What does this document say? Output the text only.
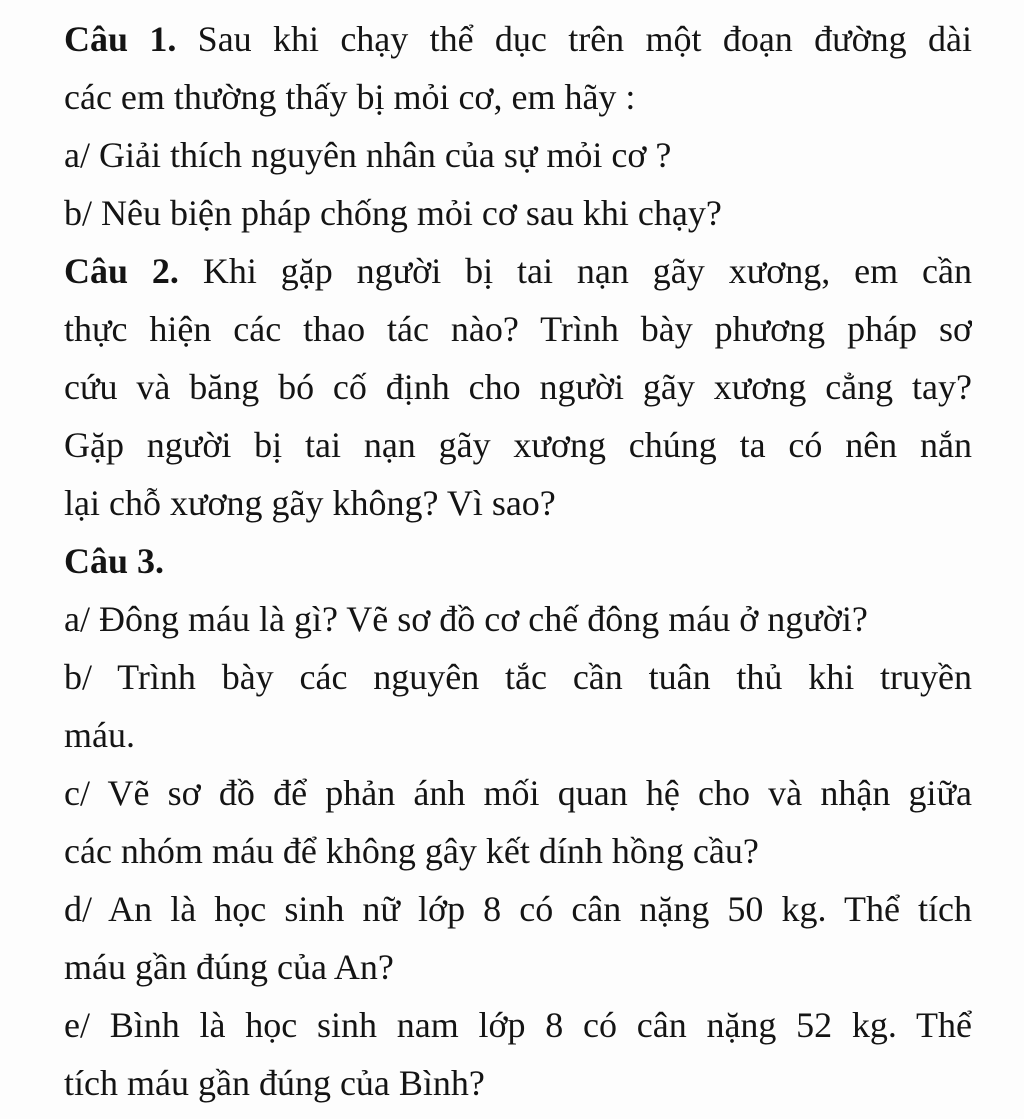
Câu 1. Sau khi chạy thể dục trên một đoạn đường dài
các em thường thấy bị mỏi cơ, em hãy :
a/ Giải thích nguyên nhân của sự mỏi cơ ?
b/ Nêu biện pháp chống mỏi cơ sau khi chạy?
Câu 2. Khi gặp người bị tai nạn gãy xương, em cần
thực hiện các thao tác nào? Trình bày phương pháp sơ
cứu và băng bó cố định cho người gãy xương cẳng tay?
Gặp người bị tai nạn gãy xương chúng ta có nên nắn
lại chỗ xương gãy không? Vì sao?
Câu 3.
a/ Đông máu là gì? Vẽ sơ đồ cơ chế đông máu ở người?
b/ Trình bày các nguyên tắc cần tuân thủ khi truyền
máu.
c/ Vẽ sơ đồ để phản ánh mối quan hệ cho và nhận giữa
các nhóm máu để không gây kết dính hồng cầu?
d/ An là học sinh nữ lớp 8 có cân nặng 50 kg. Thể tích
máu gần đúng của An?
e/ Bình là học sinh nam lớp 8 có cân nặng 52 kg. Thể
tích máu gần đúng của Bình?
